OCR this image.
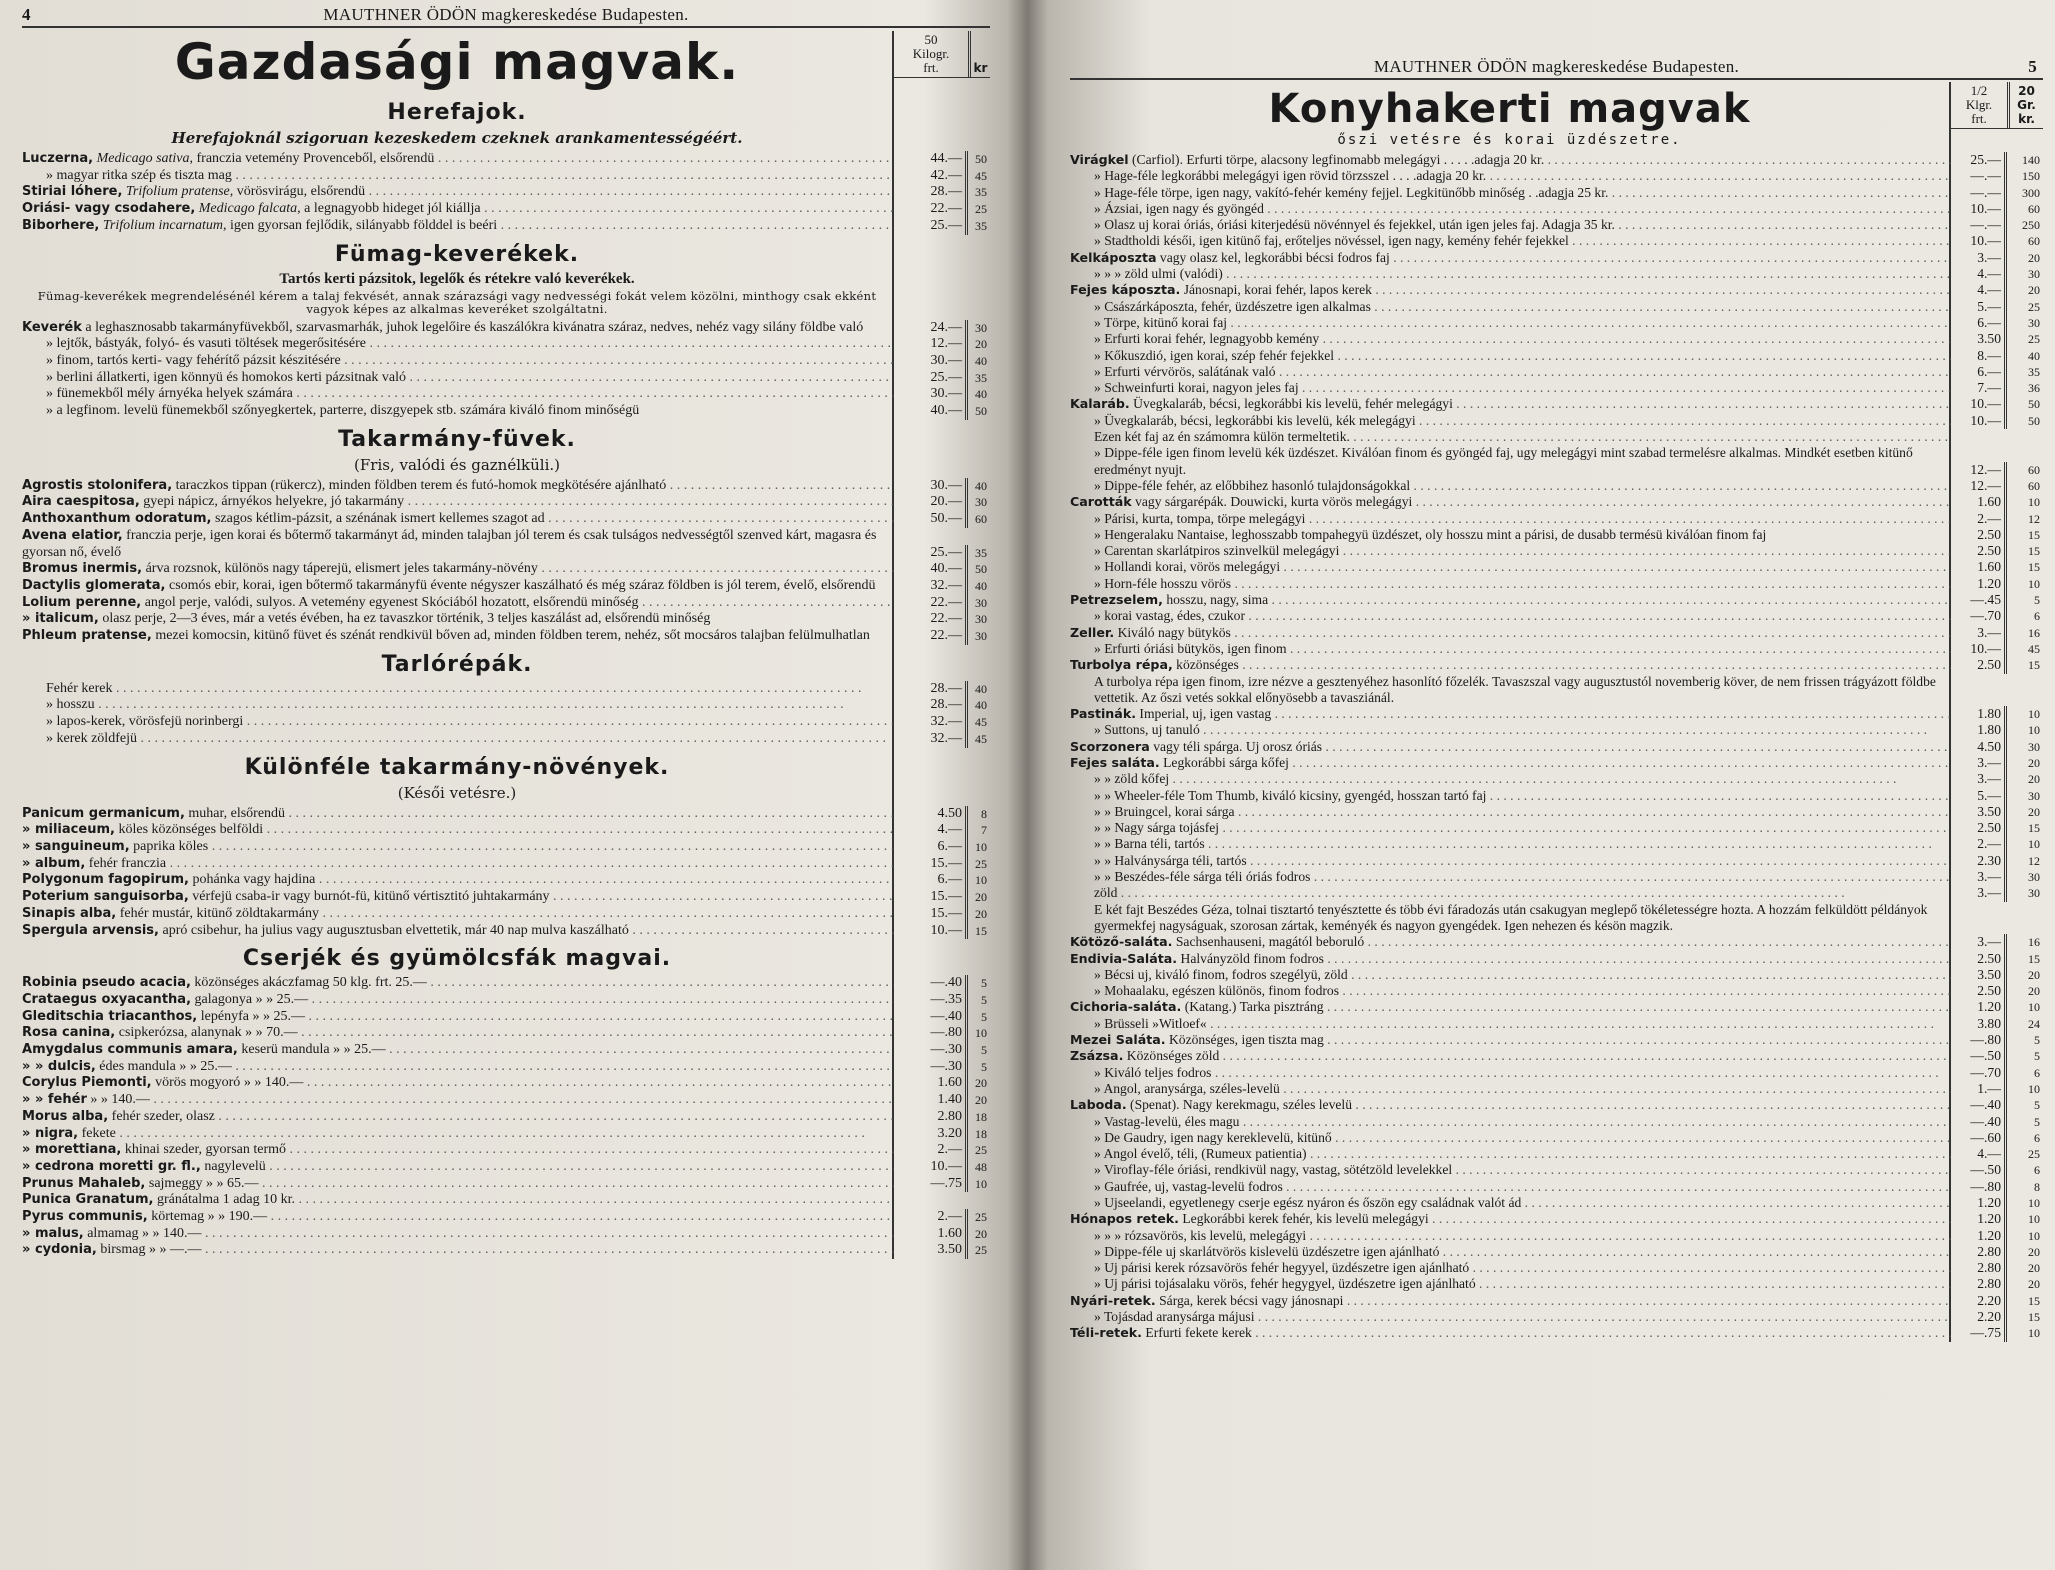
4	MAUTHNER ÖDÖN magkereskedése Budapesten.
Gazdasági magvak.
Herefajok.
Herefajoknál szigoruan kezeskedem czeknek arankamentességéért.
Luczerna, Medicago sativa, franczia vetemény Provenceből, elsőrendü . . .	44.—	50
» magyar ritka szép és tiszta mag . . .	42.—	45
Stiriai lóhere, Trifolium pratense, vörösvirágu, elsőrendü . . .	28.—	35
Óriási- vagy csodahere, Medicago falcata, a legnagyobb hideget jól kiállja . . .	22.—	25
Biborhere, Trifolium incarnatum, igen gyorsan fejlődik, silányabb földdel is beéri . . .	25.—	35
Fümag-keverékek.
Tartós kerti pázsitok, legelők és rétekre való keverékek.
Fümag-keverékek megrendelésénél kérem a talaj fekvését, annak szárazsági vagy nedvességi fokát velem közölni, minthogy csak ekként vagyok képes az alkalmas keveréket szolgáltatni.
Keverék a leghasznosabb takarmányfüvekből, szarvasmarhák, juhok legelőire és kaszálókra kivánatra száraz, nedves, nehéz vagy silány földbe való	24.—	30
» lejtők, bástyák, folyó- és vasuti töltések megerősitésére . . .	12.—	20
» finom, tartós kerti- vagy fehérítő pázsit készitésére . . .	30.—	40
» berlini állatkerti, igen könnyü és homokos kerti pázsitnak való . . .	25.—	35
» fünemekből mély árnyéka helyek számára . . .	30.—	40
» a legfinom. levelü fünemekből szőnyegkertek, parterre, diszgyepek stb. számára kiváló finom minőségü	40.—	50
Takarmány-füvek.
(Fris, valódi és gaznélküli.)
Agrostis stolonifera, taraczkos tippan (rükercz), minden földben terem és futó-homok megkötésére ajánlható . . .	30.—	40
Aira caespitosa, gyepi nápicz, árnyékos helyekre, jó takarmány . . .	20.—	30
Anthoxanthum odoratum, szagos kétlim-pázsit, a szénának ismert kellemes szagot ad . . .	50.—	60
Avena elatior, franczia perje, igen korai és bőtermő takarmányt ád, minden talajban jól terem és csak tulságos nedvességtől szenved kárt, magasra és gyorsan nő, évelő	25.—	35
Bromus inermis, árva rozsnok, különös nagy táperejü, elismert jeles takarmány-növény . . .	40.—	50
Dactylis glomerata, csomós ebir, korai, igen bőtermő takarmányfü évente négyszer kaszálható és még száraz földben is jól terem, évelő, elsőrendü	32.—	40
Lolium perenne, angol perje, valódi, sulyos. A vetemény egyenest Skóciából hozatott, elsőrendü minőség . . .	22.—	30
» italicum, olasz perje, 2—3 éves, már a vetés évében, ha ez tavaszkor történik, 3 teljes kaszálást ad, elsőrendü minőség	22.—	30
Phleum pratense, mezei komocsin, kitünő füvet és szénát rendkivül bőven ad, minden földben terem, nehéz, sőt mocsáros talajban felülmulhatlan	22.—	30
Tarlórépák.
Fehér kerek . . .	28.—	40
» hosszu . . .	28.—	40
» lapos-kerek, vörösfejü norinbergi . . .	32.—	45
» kerek zöldfejü . . .	32.—	45
Különféle takarmány-növények.
(Késői vetésre.)
Panicum germanicum, muhar, elsőrendü . . .	4.50	8
» miliaceum, köles közönséges belföldi . . .	4.—	7
» sanguineum, paprika köles . . .	6.—	10
» album, fehér franczia . . .	15.—	25
Polygonum fagopirum, pohánka vagy hajdina . . .	6.—	10
Poterium sanguisorba, vérfejü csaba-ir vagy burnót-fü, kitünő vértisztitó juhtakarmány . . .	15.—	20
Sinapis alba, fehér mustár, kitünő zöldtakarmány . . .	15.—	20
Spergula arvensis, apró csibehur, ha julius vagy augusztusban elvettetik, már 40 nap mulva kaszálható . . .	10.—	15
Cserjék és gyümölcsfák magvai.
Robinia pseudo acacia, közönséges akáczfamag 50 klg. frt. 25.— . . .	—.40	5
Crataegus oxyacantha, galagonya » » 25.— . . .	—.35	5
Gleditschia triacanthos, lepényfa » » 25.— . . .	—.40	5
Rosa canina, csipkerózsa, alanynak » » 70.— . . .	—.80	10
Amygdalus communis amara, keserü mandula » » 25.— . . .	—.30	5
» » dulcis, édes mandula » » 25.— . . .	—.30	5
Corylus Piemonti, vörös mogyoró » » 140.— . . .	1.60	20
» » fehér » » 140.— . . .	1.40	20
Morus alba, fehér szeder, olasz . . .	2.80	18
» nigra, fekete . . .	3.20	18
» morettiana, khinai szeder, gyorsan termő . . .	2.—	25
» cedrona moretti gr. fl., nagylevelü . . .	10.—	48
Prunus Mahaleb, sajmeggy » » 65.— . . .	—.75	10
Punica Granatum, gránátalma 1 adag 10 kr. . . .
Pyrus communis, körtemag » » 190.— . . .	2.—	25
» malus, almamag » » 140.— . . .	1.60	20
» cydonia, birsmag » » —.— . . .	3.50	25
50
Kilogr.
frt.

	kr	MAUTHNER ÖDÖN magkereskedése Budapesten.	5
Konyhakerti magvak
őszi vetésre és korai üzdészetre.
Virágkel (Carfiol). Erfurti törpe, alacsony legfinomabb melegágyi . . . . .adagja 20 kr. . . .	25.—	140
» Hage-féle legkorábbi melegágyi igen rövid törzsszel . . . .adagja 20 kr. . . .	—.—	150
» Hage-féle törpe, igen nagy, vakító-fehér kemény fejjel. Legkitünőbb minőség . .adagja 25 kr. . . .	—.—	300
» Ázsiai, igen nagy és gyöngéd . . .	10.—	60
» Olasz uj korai óriás, óriási kiterjedésü növénnyel és fejekkel, után igen jeles faj. Adagja 35 kr. . . .	—.—	250
» Stadtholdi késői, igen kitünő faj, erőteljes növéssel, igen nagy, kemény fehér fejekkel . . .	10.—	60
Kelkáposzta vagy olasz kel, legkorábbi bécsi fodros faj . . .	3.—	20
» » » zöld ulmi (valódi) . . .	4.—	30
Fejes káposzta. Jánosnapi, korai fehér, lapos kerek . . .	4.—	20
» Császárkáposzta, fehér, üzdészetre igen alkalmas . . .	5.—	25
» Törpe, kitünő korai faj . . .	6.—	30
» Erfurti korai fehér, legnagyobb kemény . . .	3.50	25
» Kőkuszdió, igen korai, szép fehér fejekkel . . .	8.—	40
» Erfurti vérvörös, salátának való . . .	6.—	35
» Schweinfurti korai, nagyon jeles faj . . .	7.—	36
Kalaráb. Üvegkalaráb, bécsi, legkorábbi kis levelü, fehér melegágyi . . .	10.—	50
» Üvegkalaráb, bécsi, legkorábbi kis levelü, kék melegágyi . . .	10.—	50
Ezen két faj az én számomra külön termeltetik. . . .
» Dippe-féle igen finom levelü kék üzdészet. Kiválóan finom és gyöngéd faj, ugy melegágyi mint szabad termelésre alkalmas. Mindkét esetben kitünő eredményt nyujt.	12.—	60
» Dippe-féle fehér, az előbbihez hasonló tulajdonságokkal . . .	12.—	60
Carották vagy sárgarépák. Douwicki, kurta vörös melegágyi . . .	1.60	10
» Párisi, kurta, tompa, törpe melegágyi . . .	2.—	12
» Hengeralaku Nantaise, leghosszabb tompahegyü üzdészet, oly hosszu mint a párisi, de dusabb termésü kiválóan finom faj	2.50	15
» Carentan skarlátpiros szinvelkül melegágyi . . .	2.50	15
» Hollandi korai, vörös melegágyi . . .	1.60	15
» Horn-féle hosszu vörös . . .	1.20	10
Petrezselem, hosszu, nagy, sima . . .	—.45	5
» korai vastag, édes, czukor . . .	—.70	6
Zeller. Kiváló nagy bütykös . . .	3.—	16
» Erfurti óriási bütykös, igen finom . . .	10.—	45
Turbolya répa, közönséges . . .	2.50	15
A turbolya répa igen finom, izre nézve a gesztenyéhez hasonlító főzelék. Tavaszszal vagy augusztustól novemberig köver, de nem frissen trágyázott földbe vettetik. Az őszi vetés sokkal előnyösebb a tavasziánál.
Pastinák. Imperial, uj, igen vastag . . .	1.80	10
» Suttons, uj tanuló . . .	1.80	10
Scorzonera vagy téli spárga. Uj orosz óriás . . .	4.50	30
Fejes saláta. Legkorábbi sárga kőfej . . .	3.—	20
» » zöld kőfej . . .	3.—	20
» » Wheeler-féle Tom Thumb, kiváló kicsiny, gyengéd, hosszan tartó faj . . .	5.—	30
» » Bruingcel, korai sárga . . .	3.50	20
» » Nagy sárga tojásfej . . .	2.50	15
» » Barna téli, tartós . . .	2.—	10
» » Halványsárga téli, tartós . . .	2.30	12
» » Beszédes-féle sárga téli óriás fodros . . .	3.—	30
zöld . . .	3.—	30
E két fajt Beszédes Géza, tolnai tisztartó tenyésztette és több évi fáradozás után csakugyan meglepő tökéletességre hozta. A hozzám felküldött példányok gyermekfej nagyságuak, szorosan zártak, keményék és nagyon gyengédek. Igen nehezen és késön magzik.
Kötöző-saláta. Sachsenhauseni, magától beboruló . . .	3.—	16
Endivia-Saláta. Halványzöld finom fodros . . .	2.50	15
» Bécsi uj, kiváló finom, fodros szegélyü, zöld . . .	3.50	20
» Mohaalaku, egészen különös, finom fodros . . .	2.50	20
Cichoria-saláta. (Katang.) Tarka pisztráng . . .	1.20	10
» Brüsseli »Witloef« . . .	3.80	24
Mezei Saláta. Közönséges, igen tiszta mag . . .	—.80	5
Zsázsa. Közönséges zöld . . .	—.50	5
» Kiváló teljes fodros . . .	—.70	6
» Angol, aranysárga, széles-levelü . . .	1.—	10
Laboda. (Spenat). Nagy kerekmagu, széles levelü . . .	—.40	5
» Vastag-levelü, éles magu . . .	—.40	5
» De Gaudry, igen nagy kereklevelü, kitünő . . .	—.60	6
» Angol évelő, téli, (Rumeux patientia) . . .	4.—	25
» Viroflay-féle óriási, rendkivül nagy, vastag, sötétzöld levelekkel . . .	—.50	6
» Gaufrée, uj, vastag-levelü fodros . . .	—.80	8
» Ujseelandi, egyetlenegy cserje egész nyáron és őszön egy családnak valót ád . . .	1.20	10
Hónapos retek. Legkorábbi kerek fehér, kis levelü melegágyi . . .	1.20	10
» » » rózsavörös, kis levelü, melegágyi . . .	1.20	10
» Dippe-féle uj skarlátvörös kislevelü üzdészetre igen ajánlható . . .	2.80	20
» Uj párisi kerek rózsavörös fehér hegyyel, üzdészetre igen ajánlható . . .	2.80	20
» Uj párisi tojásalaku vörös, fehér hegygyel, üzdészetre igen ajánlható . . .	2.80	20
Nyári-retek. Sárga, kerek bécsi vagy jánosnapi . . .	2.20	15
» Tojásdad aranysárga májusi . . .	2.20	15
Téli-retek. Erfurti fekete kerek . . .	—.75	10
1/2
Klgr.
frt.
20
Gr.
kr.
